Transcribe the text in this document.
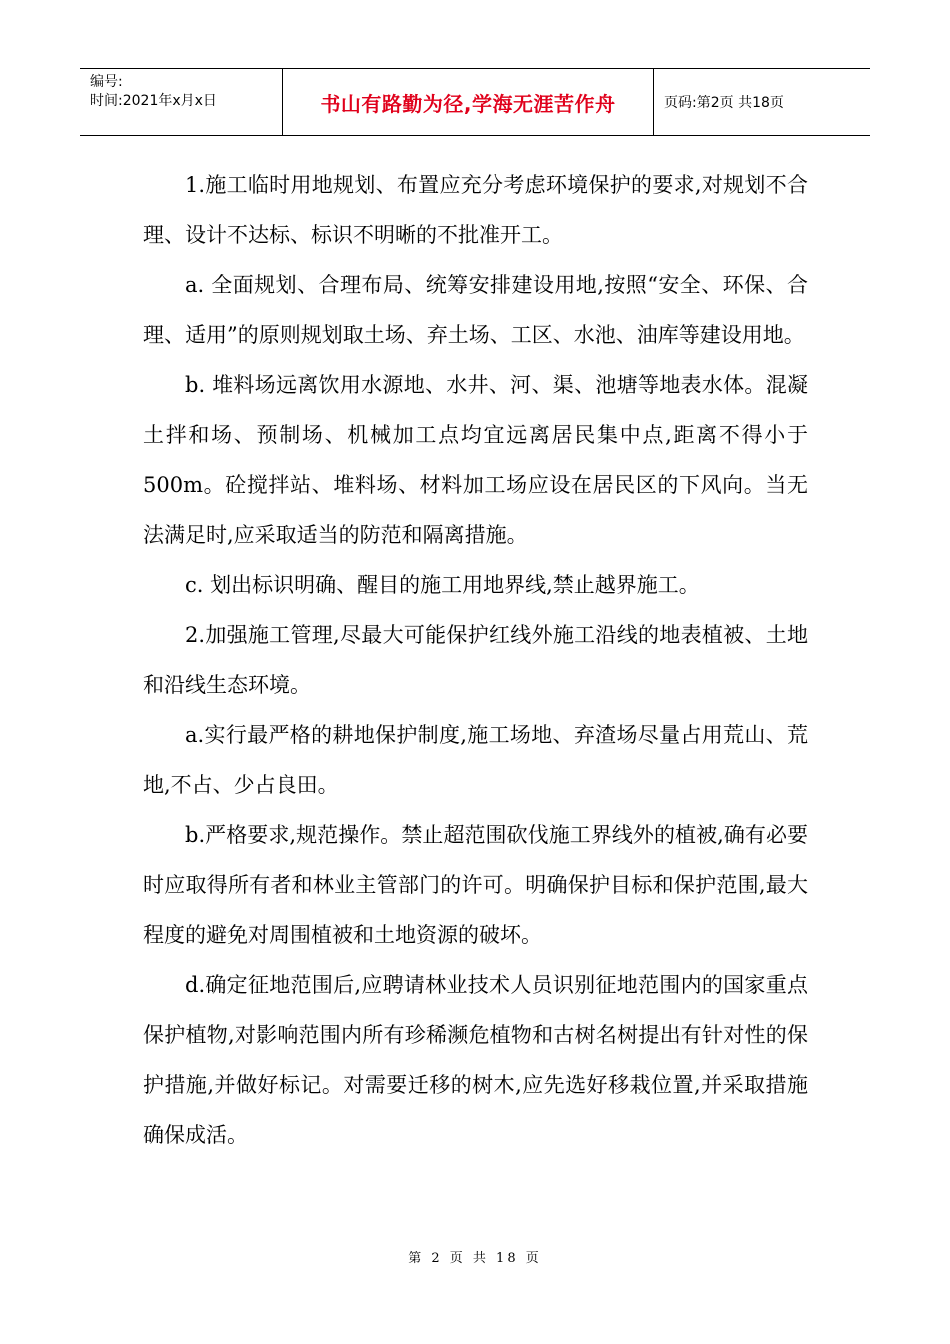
编号:
时间:2021年x月x日	书山有路勤为径,学海无涯苦作舟	页码:第2页 共18页

1.施工临时用地规划、布置应充分考虑环境保护的要求,对规划不合理、设计不达标、标识不明晰的不批准开工。

a. 全面规划、合理布局、统筹安排建设用地,按照“安全、环保、合理、适用”的原则规划取土场、弃土场、工区、水池、油库等建设用地。

b. 堆料场远离饮用水源地、水井、河、渠、池塘等地表水体。混凝土拌和场、预制场、机械加工点均宜远离居民集中点,距离不得小于500m。砼搅拌站、堆料场、材料加工场应设在居民区的下风向。当无法满足时,应采取适当的防范和隔离措施。

c. 划出标识明确、醒目的施工用地界线,禁止越界施工。

2.加强施工管理,尽最大可能保护红线外施工沿线的地表植被、土地和沿线生态环境。

a.实行最严格的耕地保护制度,施工场地、弃渣场尽量占用荒山、荒地,不占、少占良田。

b.严格要求,规范操作。禁止超范围砍伐施工界线外的植被,确有必要时应取得所有者和林业主管部门的许可。明确保护目标和保护范围,最大程度的避免对周围植被和土地资源的破坏。

d.确定征地范围后,应聘请林业技术人员识别征地范围内的国家重点保护植物,对影响范围内所有珍稀濒危植物和古树名树提出有针对性的保护措施,并做好标记。对需要迁移的树木,应先选好移栽位置,并采取措施确保成活。

第 2 页 共 18 页
